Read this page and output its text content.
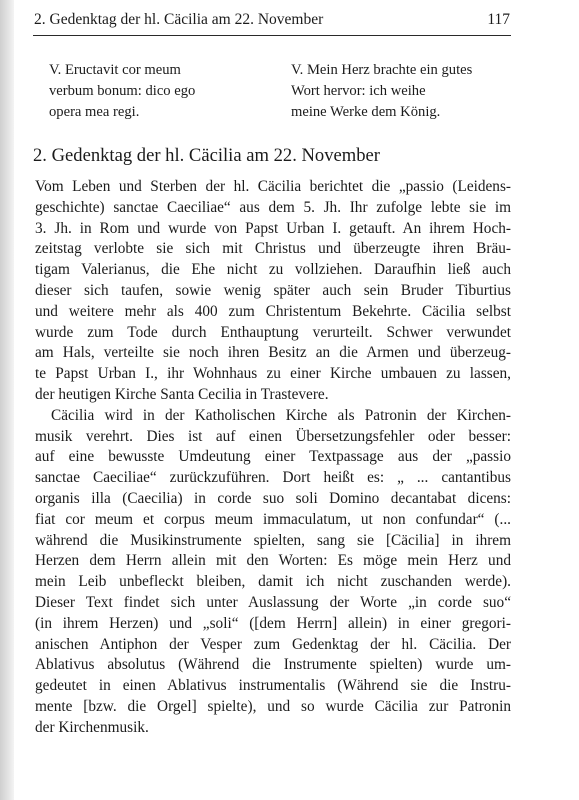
2. Gedenktag der hl. Cäcilia am 22. November	117

V. Eructavit cor meum

verbum bonum: dico ego

opera mea regi.

V. Mein Herz brachte ein gutes

Wort hervor: ich weihe

meine Werke dem König.

2. Gedenktag der hl. Cäcilia am 22. November

Vom Leben und Sterben der hl. Cäcilia berichtet die „passio (Leidens-
geschichte) sanctae Caeciliae“ aus dem 5. Jh. Ihr zufolge lebte sie im
3. Jh. in Rom und wurde von Papst Urban I. getauft. An ihrem Hoch-
zeitstag verlobte sie sich mit Christus und überzeugte ihren Bräu-
tigam Valerianus, die Ehe nicht zu vollziehen. Daraufhin ließ auch
dieser sich taufen, sowie wenig später auch sein Bruder Tiburtius
und weitere mehr als 400 zum Christentum Bekehrte. Cäcilia selbst
wurde zum Tode durch Enthauptung verurteilt. Schwer verwundet
am Hals, verteilte sie noch ihren Besitz an die Armen und überzeug-
te Papst Urban I., ihr Wohnhaus zu einer Kirche umbauen zu lassen,
der heutigen Kirche Santa Cecilia in Trastevere.

Cäcilia wird in der Katholischen Kirche als Patronin der Kirchen-
musik verehrt. Dies ist auf einen Übersetzungsfehler oder besser:
auf eine bewusste Umdeutung einer Textpassage aus der „passio
sanctae Caeciliae“ zurückzuführen. Dort heißt es: „ ... cantantibus
organis illa (Caecilia) in corde suo soli Domino decantabat dicens:
fiat cor meum et corpus meum immaculatum, ut non confundar“ (...
während die Musikinstrumente spielten, sang sie [Cäcilia] in ihrem
Herzen dem Herrn allein mit den Worten: Es möge mein Herz und
mein Leib unbefleckt bleiben, damit ich nicht zuschanden werde).
Dieser Text findet sich unter Auslassung der Worte „in corde suo“
(in ihrem Herzen) und „soli“ ([dem Herrn] allein) in einer gregori-
anischen Antiphon der Vesper zum Gedenktag der hl. Cäcilia. Der
Ablativus absolutus (Während die Instrumente spielten) wurde um-
gedeutet in einen Ablativus instrumentalis (Während sie die Instru-
mente [bzw. die Orgel] spielte), und so wurde Cäcilia zur Patronin
der Kirchenmusik.
